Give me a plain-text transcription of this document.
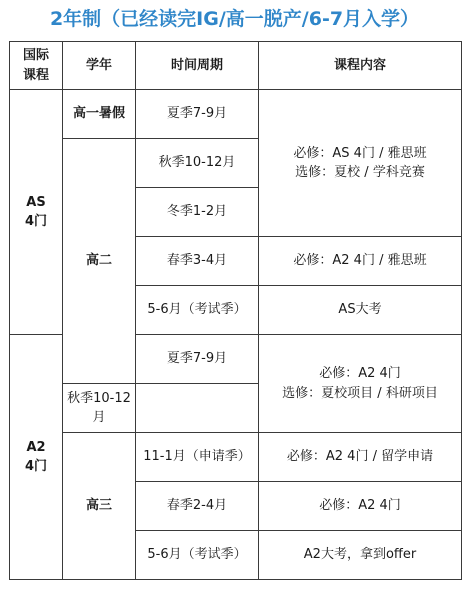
2年制（已经读完IG/高一脱产/6-7月入学）
国际
课程	学年	时间周期	课程内容

AS
4门	高一暑假	夏季7-9月	必修：AS 4门 / 雅思班
选修：夏校 / 学科竞赛

	高二	秋季10-12月	
		冬季1-2月	
		春季3-4月	必修：A2 4门 / 雅思班
		5-6月（考试季）	AS大考

A2
4门		夏季7-9月	必修：A2 4门
选修：夏校项目 / 科研项目

	秋季10-12月		
	高三	11-1月（申请季）	必修：A2 4门 / 留学申请
		春季2-4月	必修：A2 4门
		5-6月（考试季）	A2大考，拿到offer
